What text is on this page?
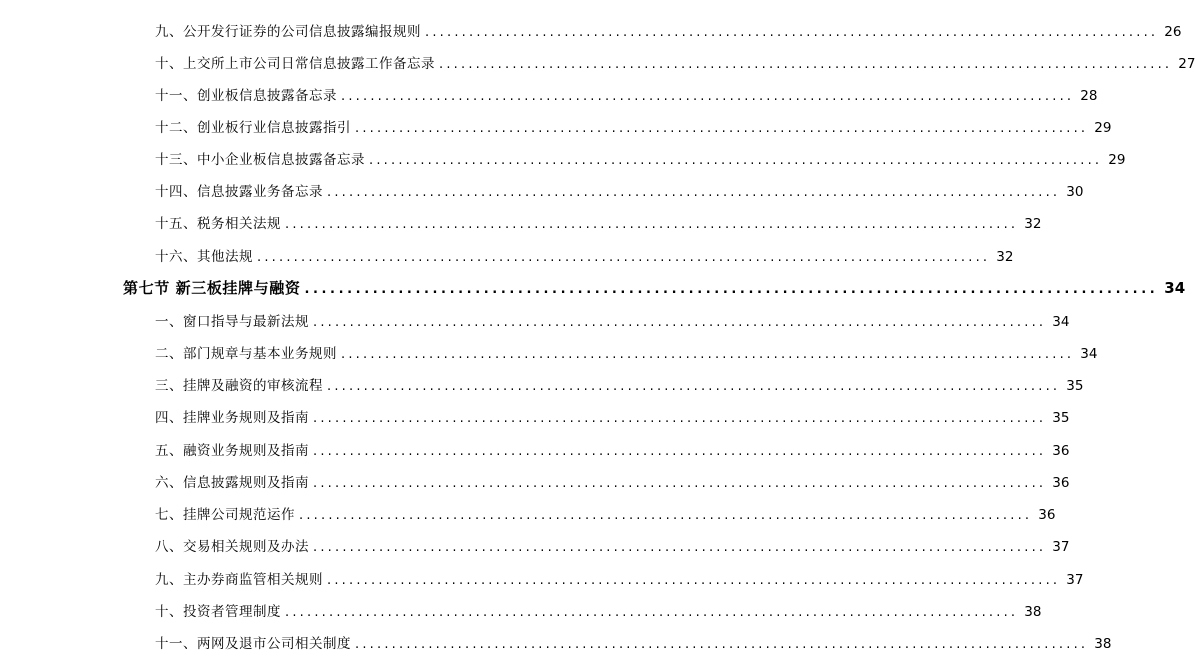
九、公开发行证券的公司信息披露编报规则 .................................................................................................... 26
十、上交所上市公司日常信息披露工作备忘录 .................................................................................................... 27
十一、创业板信息披露备忘录 .................................................................................................... 28
十二、创业板行业信息披露指引 .................................................................................................... 29
十三、中小企业板信息披露备忘录 .................................................................................................... 29
十四、信息披露业务备忘录 .................................................................................................... 30
十五、税务相关法规 .................................................................................................... 32
十六、其他法规 .................................................................................................... 32
第七节 新三板挂牌与融资 .................................................................................................... 34
一、窗口指导与最新法规 .................................................................................................... 34
二、部门规章与基本业务规则 .................................................................................................... 34
三、挂牌及融资的审核流程 .................................................................................................... 35
四、挂牌业务规则及指南 .................................................................................................... 35
五、融资业务规则及指南 .................................................................................................... 36
六、信息披露规则及指南 .................................................................................................... 36
七、挂牌公司规范运作 .................................................................................................... 36
八、交易相关规则及办法 .................................................................................................... 37
九、主办券商监管相关规则 .................................................................................................... 37
十、投资者管理制度 .................................................................................................... 38
十一、两网及退市公司相关制度 .................................................................................................... 38
